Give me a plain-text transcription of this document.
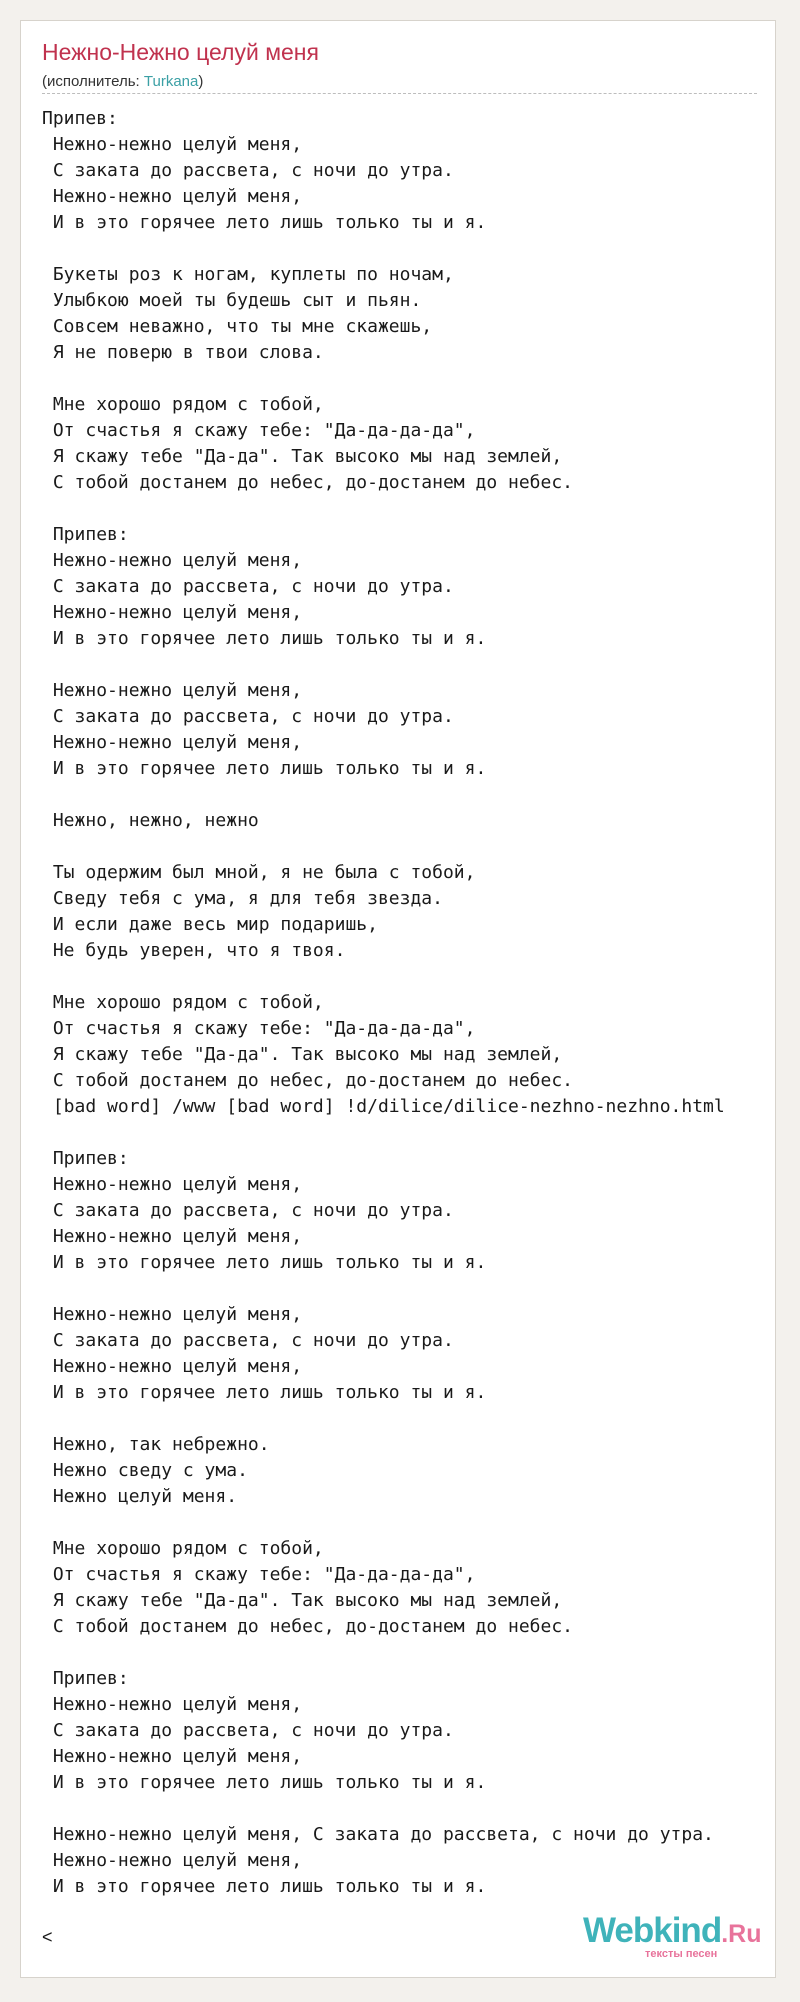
Нежно-Нежно целуй меня
(исполнитель: Turkana)
Припев:
Нежно-нежно целуй меня,
С заката до рассвета, с ночи до утра.
Нежно-нежно целуй меня,
И в это горячее лето лишь только ты и я.

Букеты роз к ногам, куплеты по ночам,
Улыбкою моей ты будешь сыт и пьян.
Совсем неважно, что ты мне скажешь,
Я не поверю в твои слова.

Мне хорошо рядом с тобой,
От счастья я скажу тебе: "Да-да-да-да",
Я скажу тебе "Да-да". Так высоко мы над землей,
С тобой достанем до небес, до-достанем до небес.

Припев:
Нежно-нежно целуй меня,
С заката до рассвета, с ночи до утра.
Нежно-нежно целуй меня,
И в это горячее лето лишь только ты и я.

Нежно-нежно целуй меня,
С заката до рассвета, с ночи до утра.
Нежно-нежно целуй меня,
И в это горячее лето лишь только ты и я.

Нежно, нежно, нежно

Ты одержим был мной, я не была с тобой,
Сведу тебя с ума, я для тебя звезда.
И если даже весь мир подаришь,
Не будь уверен, что я твоя.

Мне хорошо рядом с тобой,
От счастья я скажу тебе: "Да-да-да-да",
Я скажу тебе "Да-да". Так высоко мы над землей,
С тобой достанем до небес, до-достанем до небес.
[bad word] /www [bad word] !d/dilice/dilice-nezhno-nezhno.html

Припев:
Нежно-нежно целуй меня,
С заката до рассвета, с ночи до утра.
Нежно-нежно целуй меня,
И в это горячее лето лишь только ты и я.

Нежно-нежно целуй меня,
С заката до рассвета, с ночи до утра.
Нежно-нежно целуй меня,
И в это горячее лето лишь только ты и я.

Нежно, так небрежно.
Нежно сведу с ума.
Нежно целуй меня.

Мне хорошо рядом с тобой,
От счастья я скажу тебе: "Да-да-да-да",
Я скажу тебе "Да-да". Так высоко мы над землей,
С тобой достанем до небес, до-достанем до небес.

Припев:
Нежно-нежно целуй меня,
С заката до рассвета, с ночи до утра.
Нежно-нежно целуй меня,
И в это горячее лето лишь только ты и я.

Нежно-нежно целуй меня, С заката до рассвета, с ночи до утра.
Нежно-нежно целуй меня,
И в это горячее лето лишь только ты и я.
<	Webkind.Ru
тексты песен
